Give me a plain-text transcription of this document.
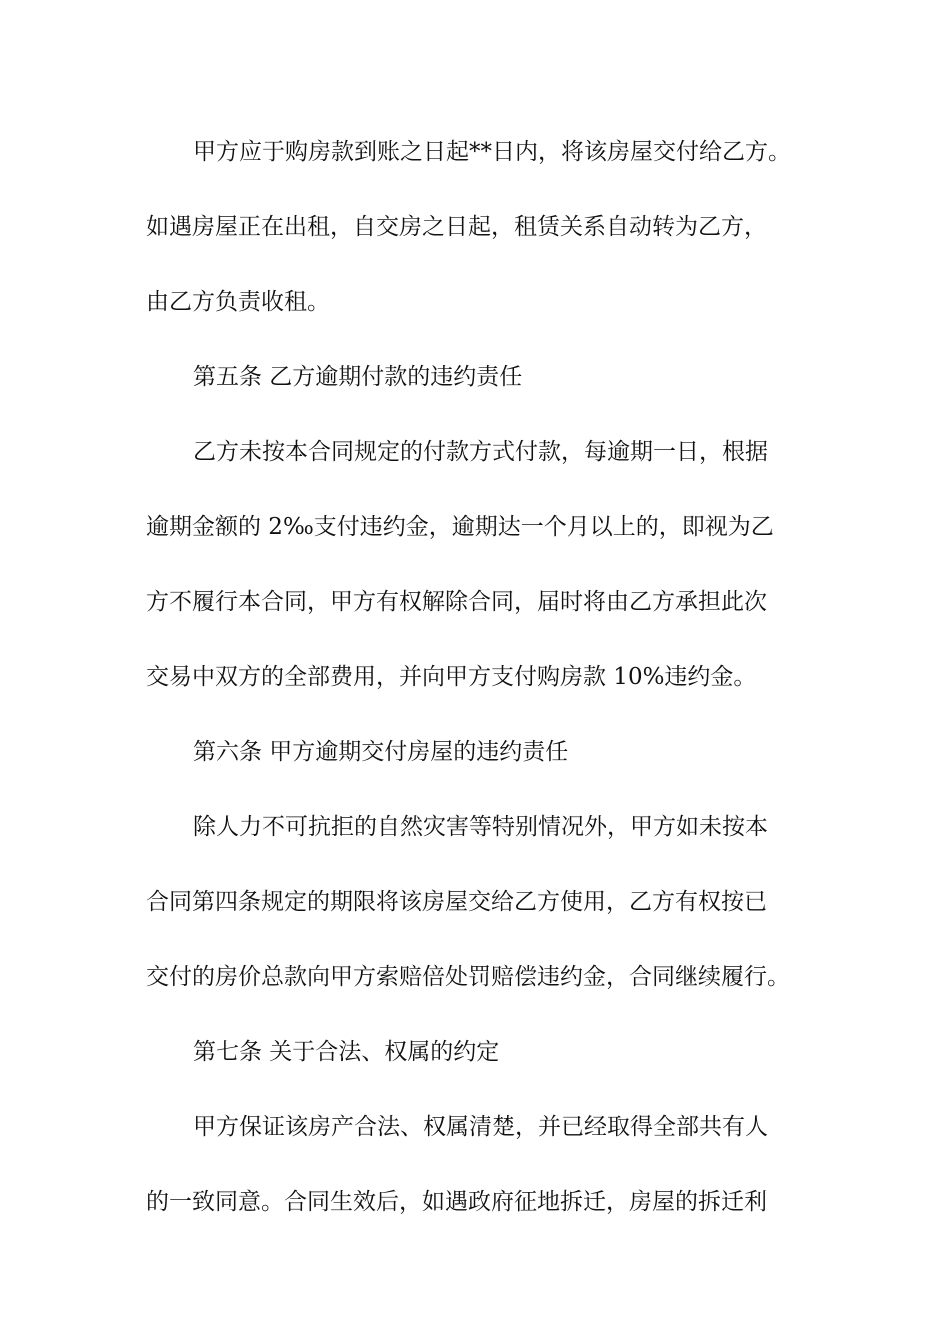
甲方应于购房款到账之日起**日内，将该房屋交付给乙方。
如遇房屋正在出租，自交房之日起，租赁关系自动转为乙方，
由乙方负责收租。
第五条 乙方逾期付款的违约责任
乙方未按本合同规定的付款方式付款，每逾期一日，根据
逾期金额的 2‰支付违约金，逾期达一个月以上的，即视为乙
方不履行本合同，甲方有权解除合同，届时将由乙方承担此次
交易中双方的全部费用，并向甲方支付购房款 10%违约金。
第六条 甲方逾期交付房屋的违约责任
除人力不可抗拒的自然灾害等特别情况外，甲方如未按本
合同第四条规定的期限将该房屋交给乙方使用，乙方有权按已
交付的房价总款向甲方索赔倍处罚赔偿违约金，合同继续履行。
第七条 关于合法、权属的约定
甲方保证该房产合法、权属清楚，并已经取得全部共有人
的一致同意。合同生效后，如遇政府征地拆迁，房屋的拆迁利
